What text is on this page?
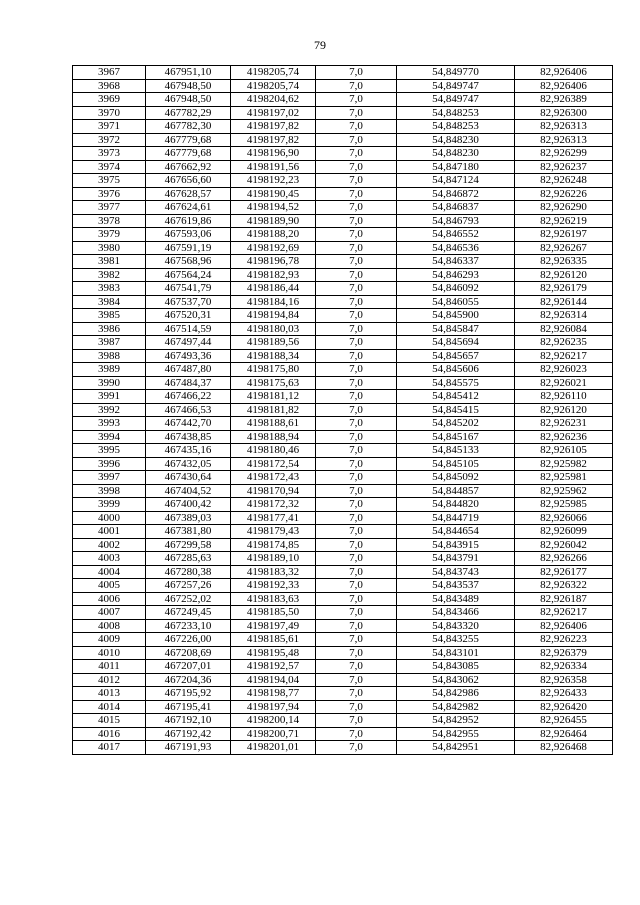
79
3967	467951,10	4198205,74	7,0	54,849770	82,926406
3968	467948,50	4198205,74	7,0	54,849747	82,926406
3969	467948,50	4198204,62	7,0	54,849747	82,926389
3970	467782,29	4198197,02	7,0	54,848253	82,926300
3971	467782,30	4198197,82	7,0	54,848253	82,926313
3972	467779,68	4198197,82	7,0	54,848230	82,926313
3973	467779,68	4198196,90	7,0	54,848230	82,926299
3974	467662,92	4198191,56	7,0	54,847180	82,926237
3975	467656,60	4198192,23	7,0	54,847124	82,926248
3976	467628,57	4198190,45	7,0	54,846872	82,926226
3977	467624,61	4198194,52	7,0	54,846837	82,926290
3978	467619,86	4198189,90	7,0	54,846793	82,926219
3979	467593,06	4198188,20	7,0	54,846552	82,926197
3980	467591,19	4198192,69	7,0	54,846536	82,926267
3981	467568,96	4198196,78	7,0	54,846337	82,926335
3982	467564,24	4198182,93	7,0	54,846293	82,926120
3983	467541,79	4198186,44	7,0	54,846092	82,926179
3984	467537,70	4198184,16	7,0	54,846055	82,926144
3985	467520,31	4198194,84	7,0	54,845900	82,926314
3986	467514,59	4198180,03	7,0	54,845847	82,926084
3987	467497,44	4198189,56	7,0	54,845694	82,926235
3988	467493,36	4198188,34	7,0	54,845657	82,926217
3989	467487,80	4198175,80	7,0	54,845606	82,926023
3990	467484,37	4198175,63	7,0	54,845575	82,926021
3991	467466,22	4198181,12	7,0	54,845412	82,926110
3992	467466,53	4198181,82	7,0	54,845415	82,926120
3993	467442,70	4198188,61	7,0	54,845202	82,926231
3994	467438,85	4198188,94	7,0	54,845167	82,926236
3995	467435,16	4198180,46	7,0	54,845133	82,926105
3996	467432,05	4198172,54	7,0	54,845105	82,925982
3997	467430,64	4198172,43	7,0	54,845092	82,925981
3998	467404,52	4198170,94	7,0	54,844857	82,925962
3999	467400,42	4198172,32	7,0	54,844820	82,925985
4000	467389,03	4198177,41	7,0	54,844719	82,926066
4001	467381,80	4198179,43	7,0	54,844654	82,926099
4002	467299,58	4198174,85	7,0	54,843915	82,926042
4003	467285,63	4198189,10	7,0	54,843791	82,926266
4004	467280,38	4198183,32	7,0	54,843743	82,926177
4005	467257,26	4198192,33	7,0	54,843537	82,926322
4006	467252,02	4198183,63	7,0	54,843489	82,926187
4007	467249,45	4198185,50	7,0	54,843466	82,926217
4008	467233,10	4198197,49	7,0	54,843320	82,926406
4009	467226,00	4198185,61	7,0	54,843255	82,926223
4010	467208,69	4198195,48	7,0	54,843101	82,926379
4011	467207,01	4198192,57	7,0	54,843085	82,926334
4012	467204,36	4198194,04	7,0	54,843062	82,926358
4013	467195,92	4198198,77	7,0	54,842986	82,926433
4014	467195,41	4198197,94	7,0	54,842982	82,926420
4015	467192,10	4198200,14	7,0	54,842952	82,926455
4016	467192,42	4198200,71	7,0	54,842955	82,926464
4017	467191,93	4198201,01	7,0	54,842951	82,926468
